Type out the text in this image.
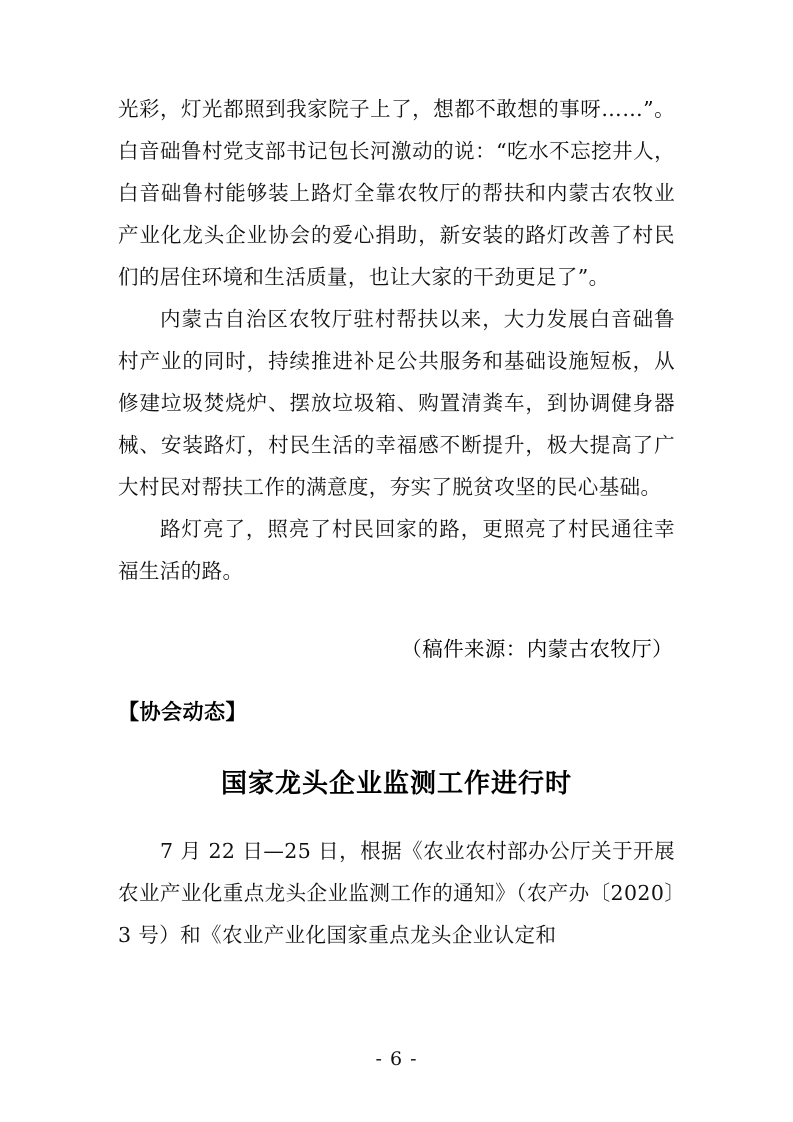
光彩，灯光都照到我家院子上了，想都不敢想的事呀……”。白音础鲁村党支部书记包长河激动的说：“吃水不忘挖井人，白音础鲁村能够装上路灯全靠农牧厅的帮扶和内蒙古农牧业产业化龙头企业协会的爱心捐助，新安装的路灯改善了村民们的居住环境和生活质量，也让大家的干劲更足了”。

内蒙古自治区农牧厅驻村帮扶以来，大力发展白音础鲁村产业的同时，持续推进补足公共服务和基础设施短板，从修建垃圾焚烧炉、摆放垃圾箱、购置清粪车，到协调健身器械、安装路灯，村民生活的幸福感不断提升，极大提高了广大村民对帮扶工作的满意度，夯实了脱贫攻坚的民心基础。

路灯亮了，照亮了村民回家的路，更照亮了村民通往幸福生活的路。

（稿件来源：内蒙古农牧厅）
【协会动态】
国家龙头企业监测工作进行时

7 月 22 日—25 日，根据《农业农村部办公厅关于开展农业产业化重点龙头企业监测工作的通知》（农产办〔2020〕3 号）和《农业产业化国家重点龙头企业认定和

- 6 -
